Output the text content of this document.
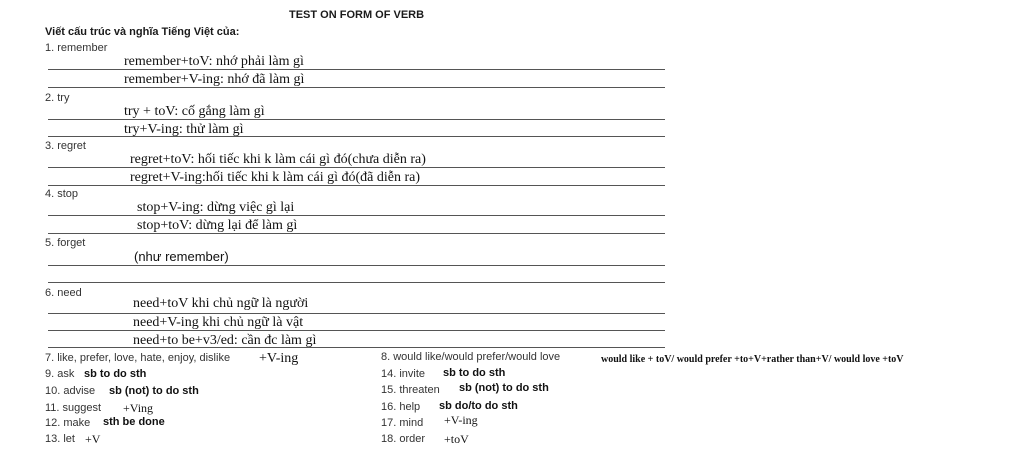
TEST ON FORM OF VERB
Viết cấu trúc và nghĩa Tiếng Việt của:
1. remember
remember+toV: nhớ phải làm gì
remember+V-ing: nhớ đã làm gì
2. try
try + toV: cố gắng làm gì
try+V-ing: thử làm gì
3. regret
regret+toV: hối tiếc khi k làm cái gì đó(chưa diễn ra)
regret+V-ing:hối tiếc khi k làm cái gì đó(đã diễn ra)
4. stop
stop+V-ing: dừng việc gì lại
stop+toV: dừng lại để làm gì
5. forget
(như remember)
6. need
need+toV khi chủ ngữ là người
need+V-ing khi chủ ngữ là vật
need+to be+v3/ed: cần đc làm gì
7. like, prefer, love, hate, enjoy, dislike +V-ing
9. ask sb to do sth
10. advise sb (not) to do sth
11. suggest +Ving
12. make sth be done
13. let +V
8. would like/would prefer/would love	would like + toV/ would prefer +to+V+rather than+V/ would love +toV
14. invite sb to do sth
15. threaten sb (not) to do sth
16. help sb do/to do sth
17. mind +V-ing
18. order +toV
